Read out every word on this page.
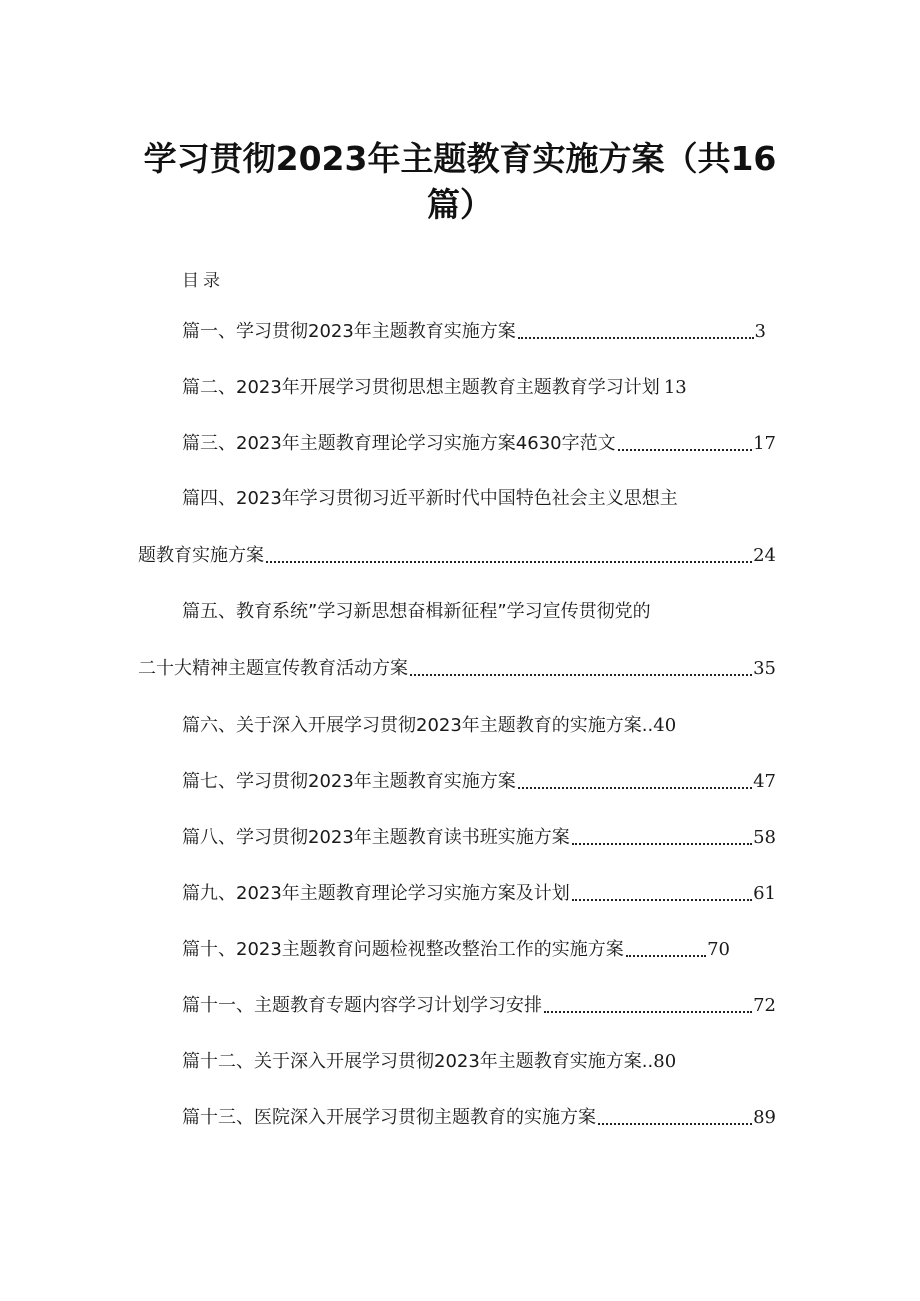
学习贯彻2023年主题教育实施方案（共16
篇）
目录
篇一、学习贯彻2023年主题教育实施方案	3
篇二、2023年开展学习贯彻思想主题教育主题教育学习计划 13
篇三、2023年主题教育理论学习实施方案4630字范文	17
篇四、2023年学习贯彻习近平新时代中国特色社会主义思想主
题教育实施方案	24
篇五、教育系统”学习新思想奋楫新征程”学习宣传贯彻党的
二十大精神主题宣传教育活动方案	35
篇六、关于深入开展学习贯彻2023年主题教育的实施方案.. 40
篇七、学习贯彻2023年主题教育实施方案	47
篇八、学习贯彻2023年主题教育读书班实施方案	58
篇九、2023年主题教育理论学习实施方案及计划	61
篇十、2023主题教育问题检视整改整治工作的实施方案	70
篇十一、主题教育专题内容学习计划学习安排	72
篇十二、关于深入开展学习贯彻2023年主题教育实施方案.. 80
篇十三、医院深入开展学习贯彻主题教育的实施方案	89
